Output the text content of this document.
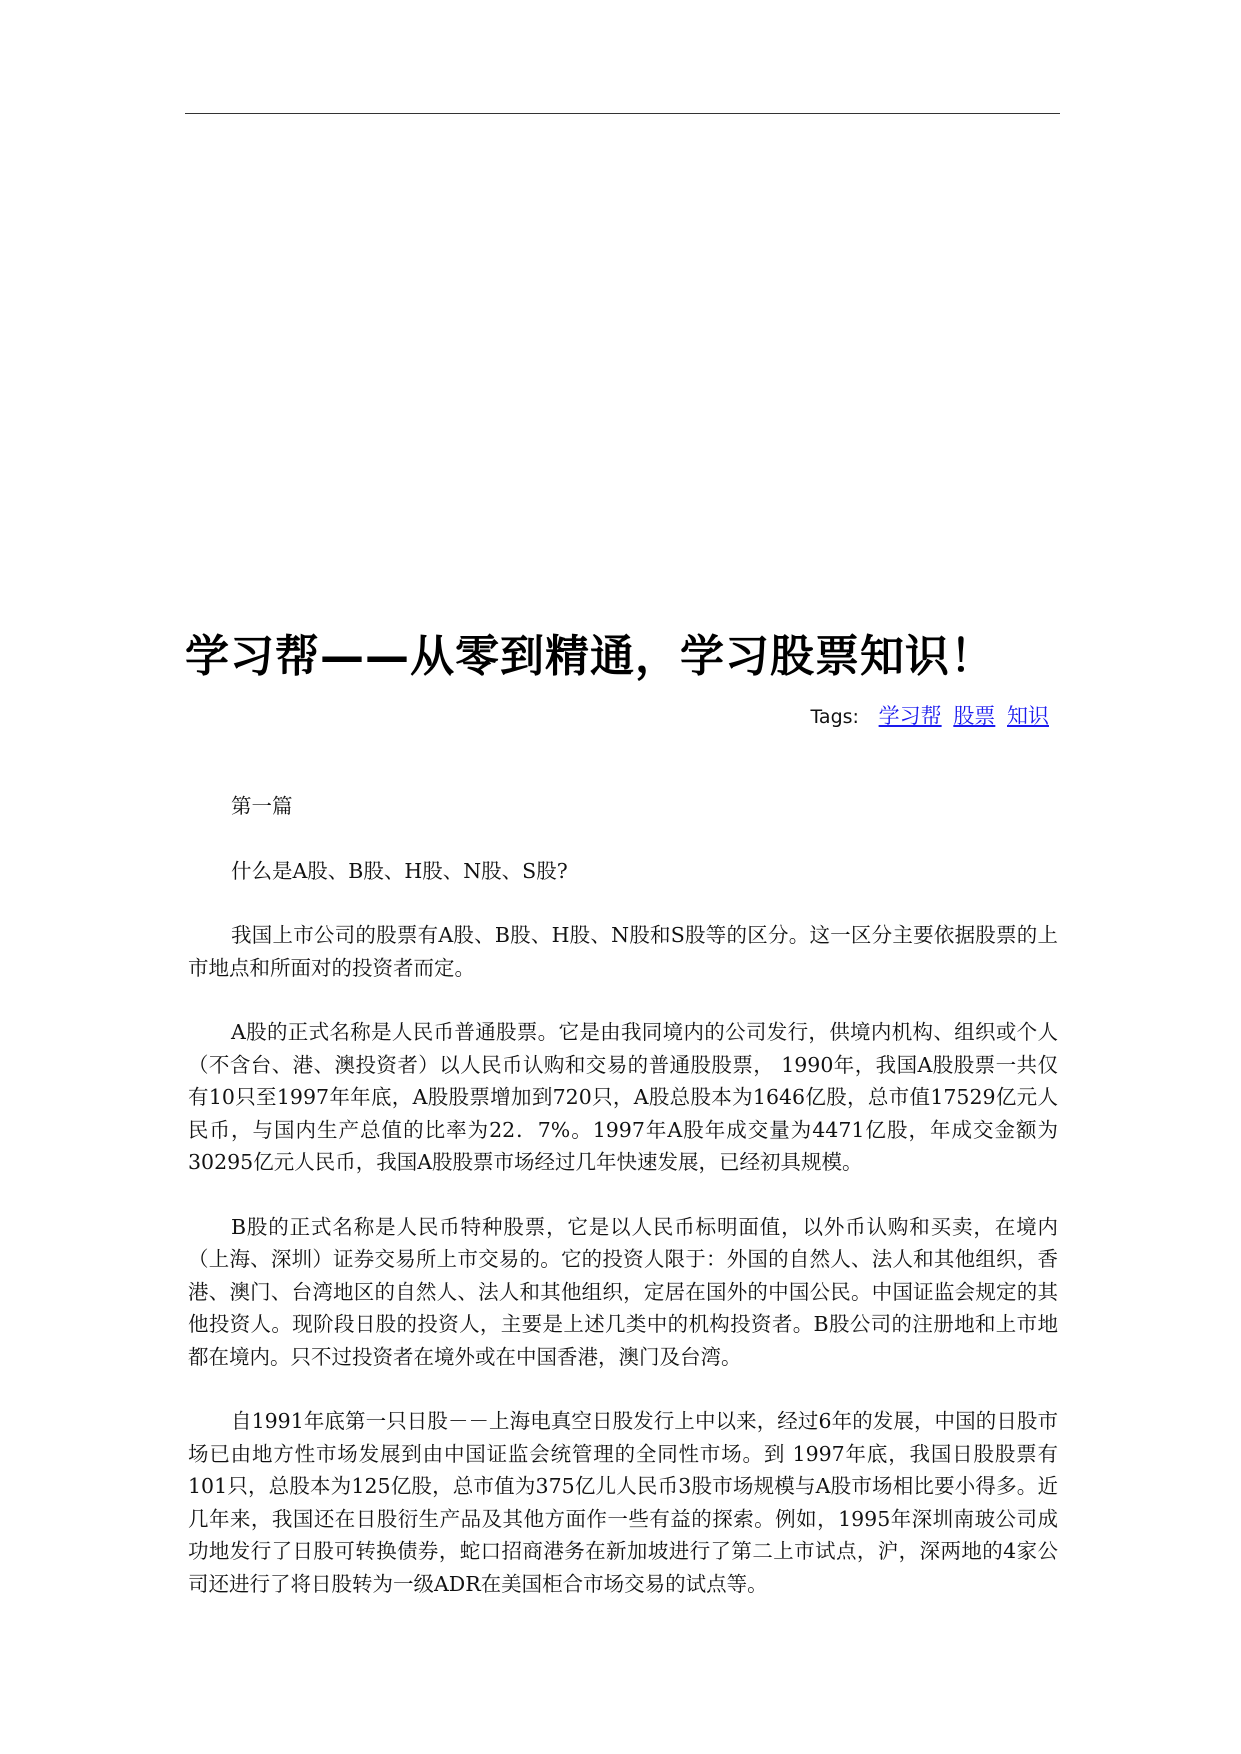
学习帮——从零到精通，学习股票知识！
Tags: 学习帮 股票 知识

第一篇

什么是A股、B股、H股、N股、S股?

我国上市公司的股票有A股、B股、H股、N股和S股等的区分。这一区分主要依据股票的上市地点和所面对的投资者而定。

A股的正式名称是人民币普通股票。它是由我同境内的公司发行，供境内机构、组织或个人（不含台、港、澳投资者）以人民币认购和交易的普通股股票， 1990年，我国A股股票一共仅有10只至1997年年底，A股股票增加到720只，A股总股本为1646亿股，总市值17529亿元人民币，与国内生产总值的比率为22．7%。1997年A股年成交量为4471亿股，年成交金额为30295亿元人民币，我国A股股票市场经过几年快速发展，已经初具规模。

B股的正式名称是人民币特种股票，它是以人民币标明面值，以外币认购和买卖，在境内（上海、深圳）证券交易所上市交易的。它的投资人限于：外国的自然人、法人和其他组织，香港、澳门、台湾地区的自然人、法人和其他组织，定居在国外的中国公民。中国证监会规定的其他投资人。现阶段日股的投资人，主要是上述几类中的机构投资者。B股公司的注册地和上市地都在境内。只不过投资者在境外或在中国香港，澳门及台湾。

自1991年底第一只日股－－上海电真空日股发行上中以来，经过6年的发展，中国的日股市场已由地方性市场发展到由中国证监会统管理的全同性市场。到 1997年底，我国日股股票有101只，总股本为125亿股，总市值为375亿儿人民币3股市场规模与A股市场相比要小得多。近几年来，我国还在日股衍生产品及其他方面作一些有益的探索。例如，1995年深圳南玻公司成功地发行了日股可转换债券，蛇口招商港务在新加坡进行了第二上市试点，沪，深两地的4家公司还进行了将日股转为一级ADR在美国柜合市场交易的试点等。
